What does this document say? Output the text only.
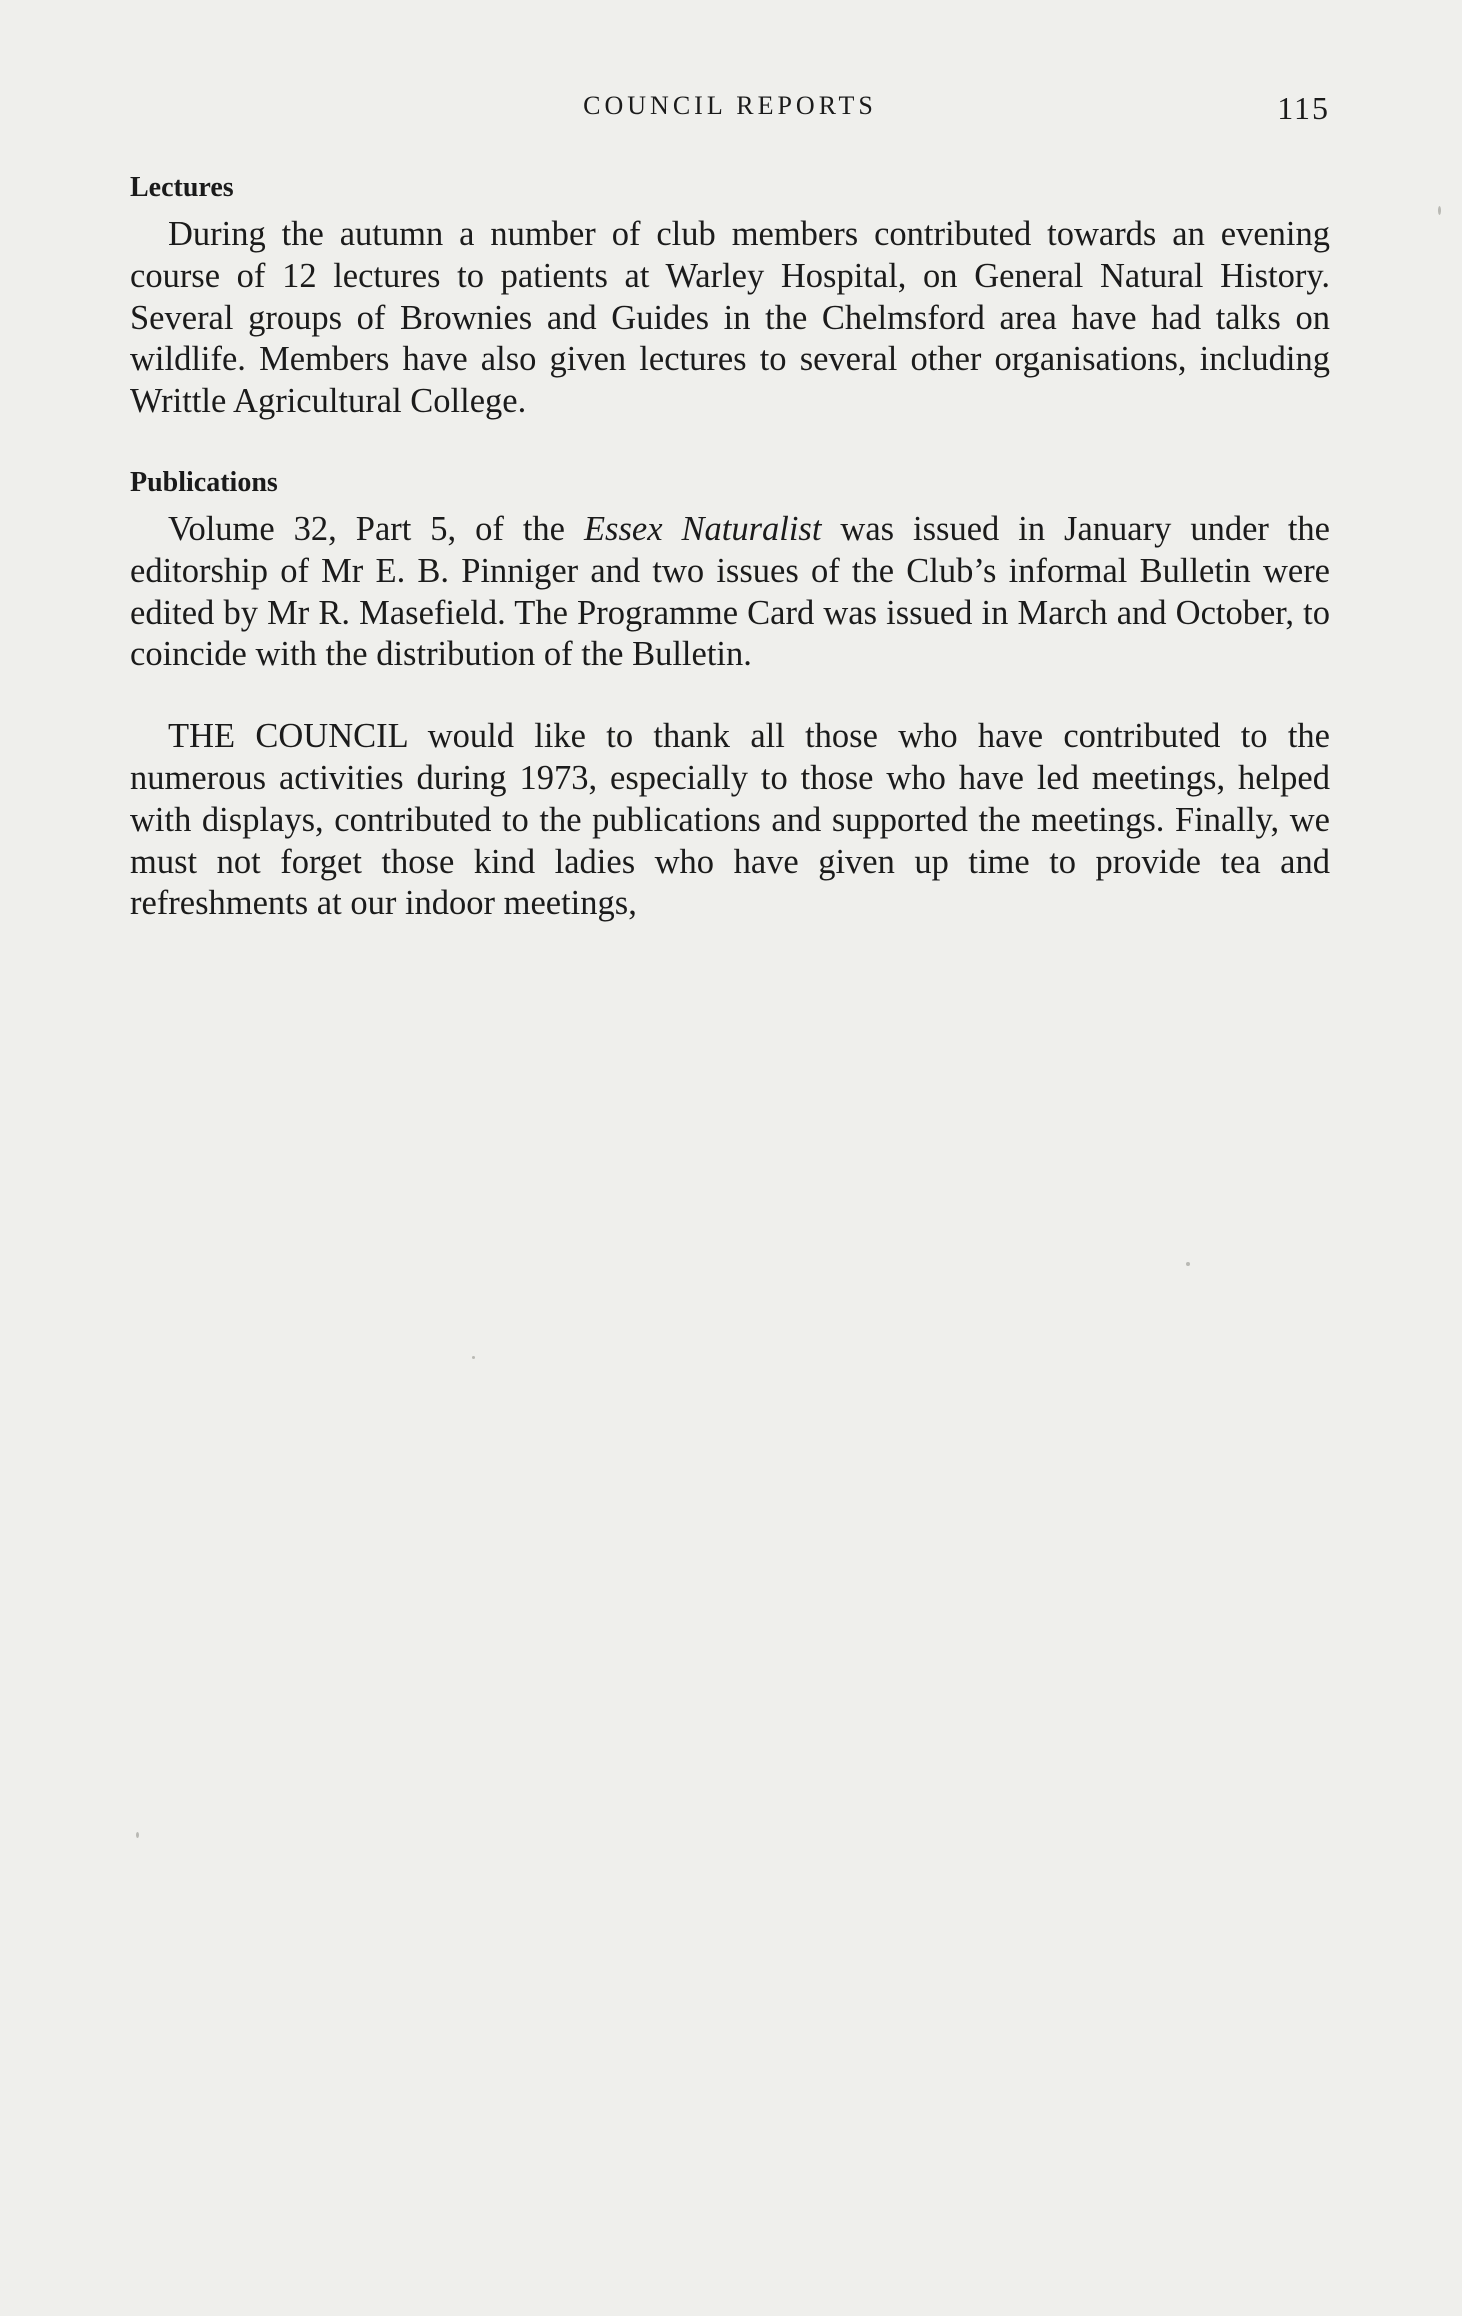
COUNCIL REPORTS	115
Lectures

During the autumn a number of club members contributed towards an evening course of 12 lectures to patients at Warley Hospital, on General Natural History. Several groups of Brownies and Guides in the Chelmsford area have had talks on wildlife. Members have also given lectures to several other organisations, including Writtle Agricultural College.

Publications

Volume 32, Part 5, of the Essex Naturalist was issued in January under the editorship of Mr E. B. Pinniger and two issues of the Club’s informal Bulletin were edited by Mr R. Masefield. The Programme Card was issued in March and October, to coincide with the distribution of the Bulletin.

THE COUNCIL would like to thank all those who have contributed to the numerous activities during 1973, especially to those who have led meetings, helped with displays, contributed to the publications and supported the meetings. Finally, we must not forget those kind ladies who have given up time to provide tea and refreshments at our indoor meetings,
